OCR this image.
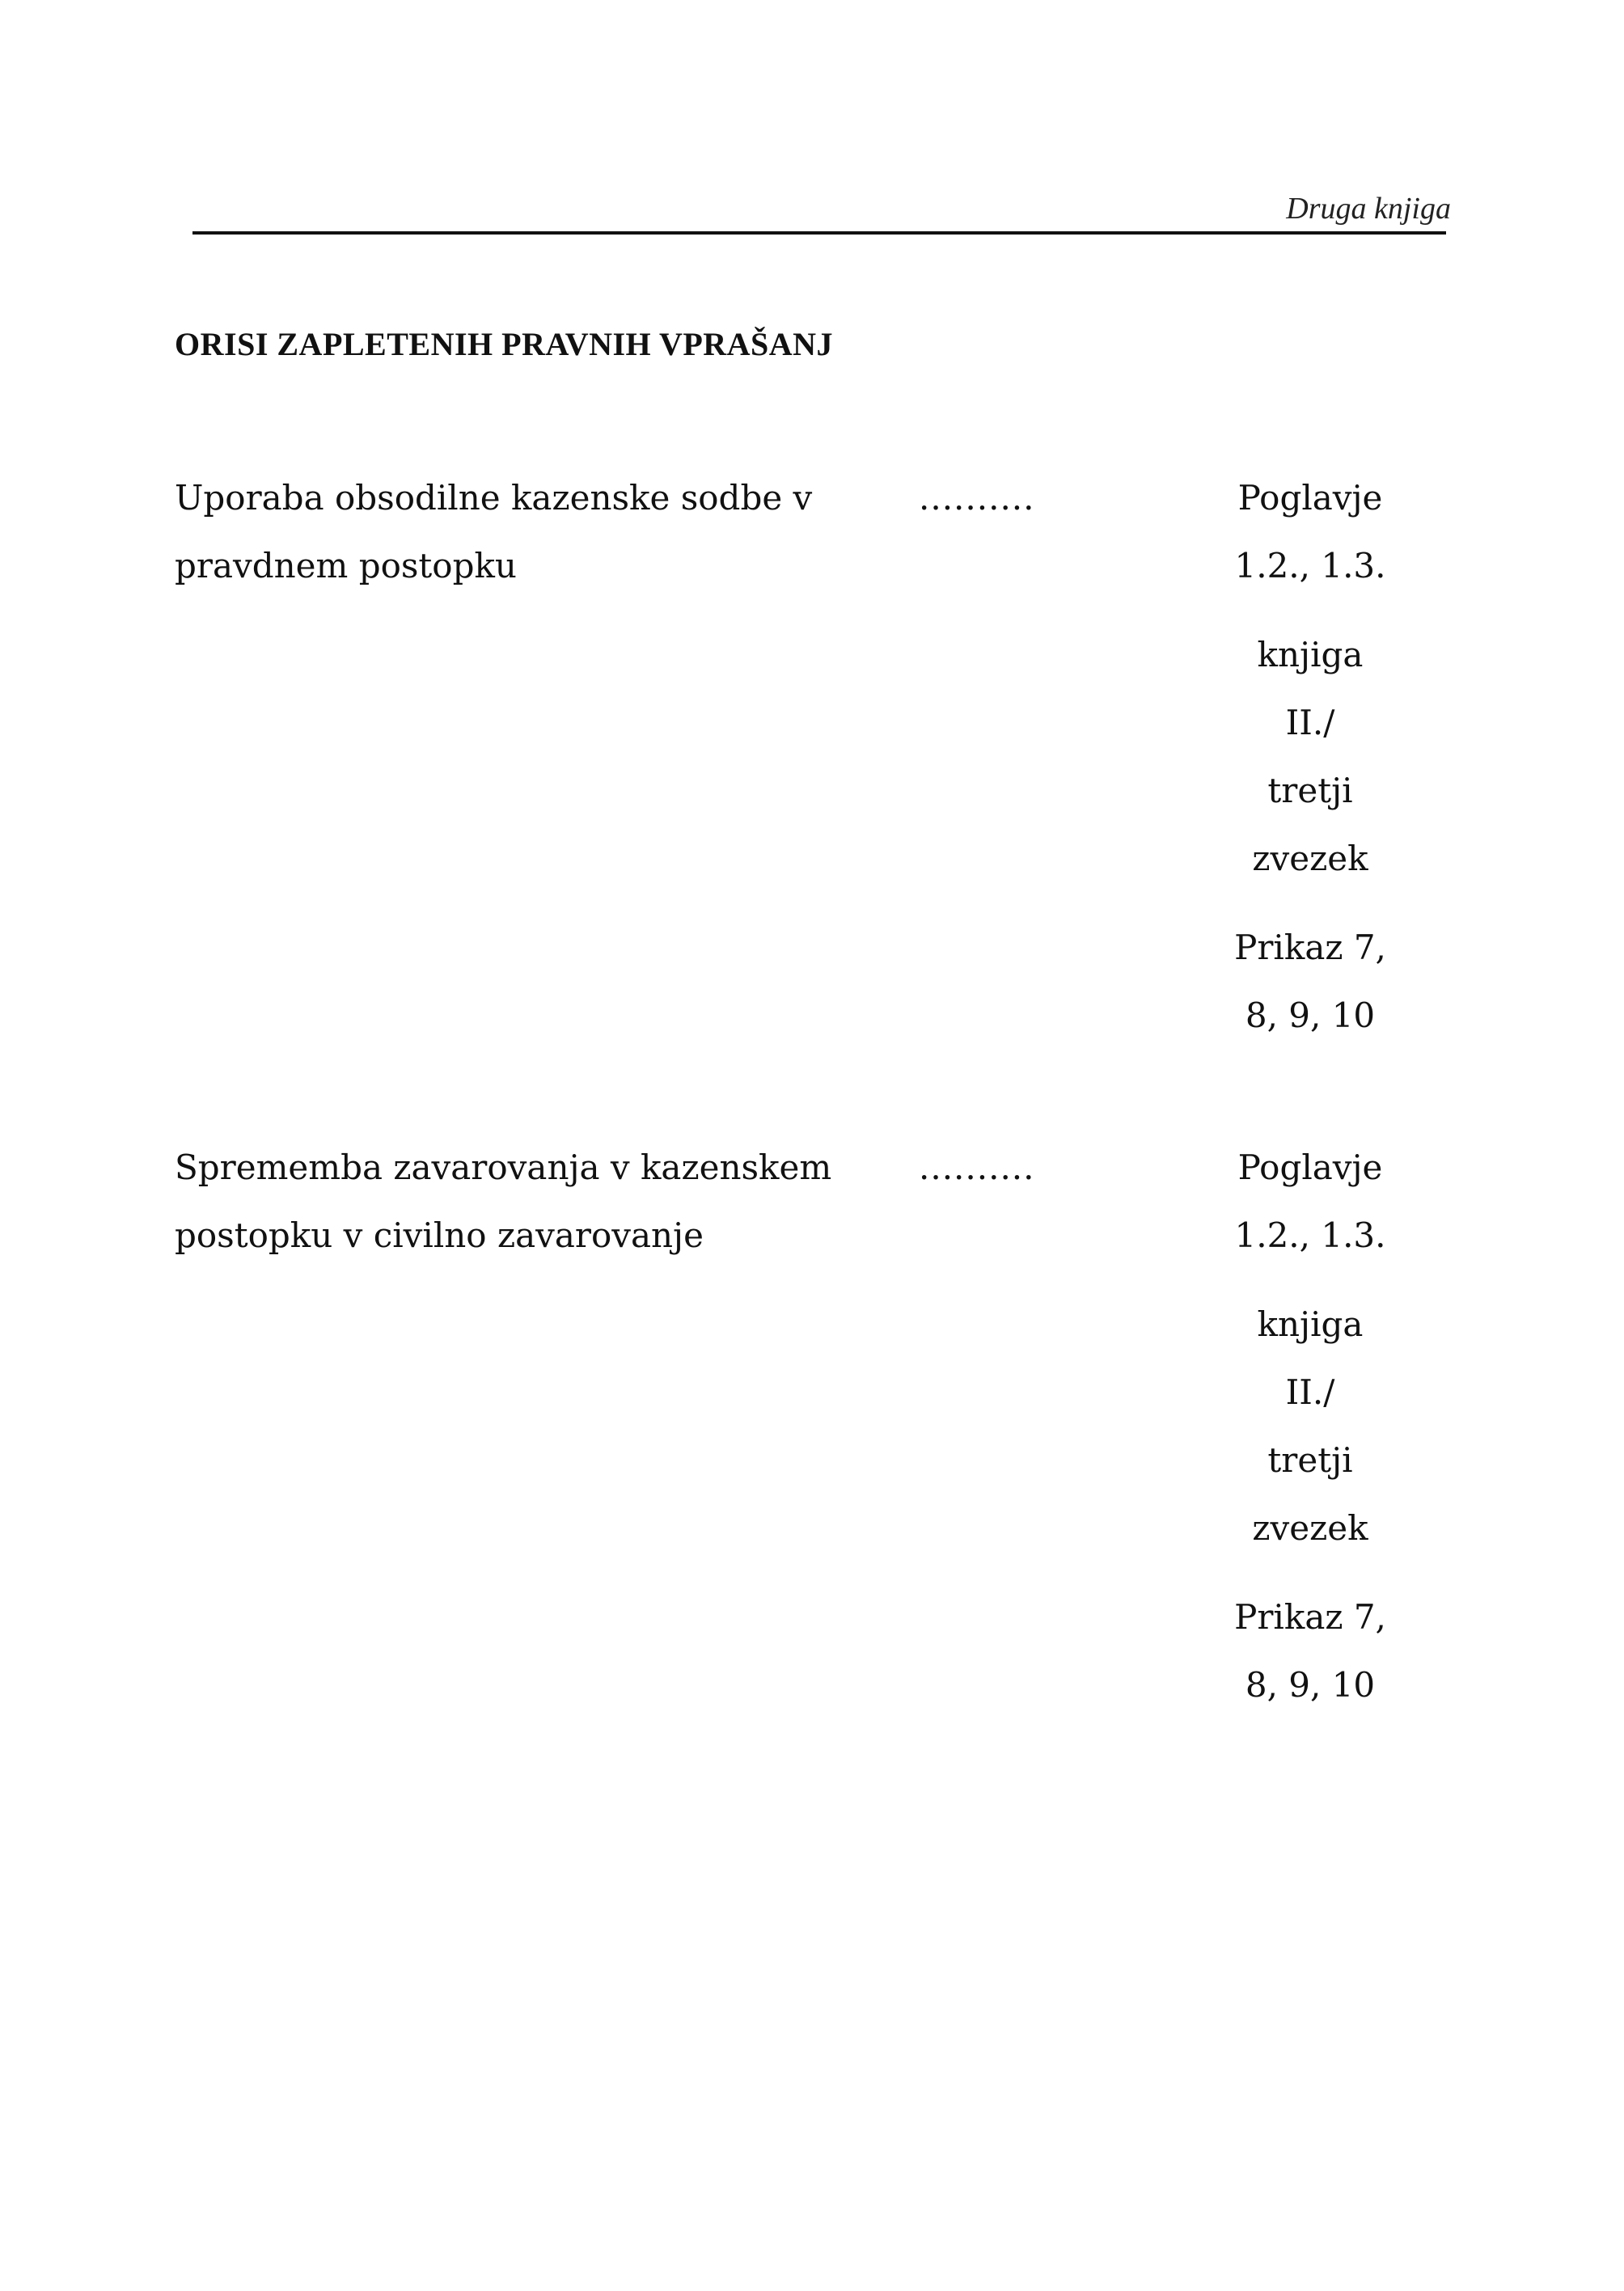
Druga knjiga
ORISI ZAPLETENIH PRAVNIH VPRAŠANJ
Uporaba obsodilne kazenske sodbe v
pravdnem postopku
..........	Poglavje
1.2., 1.3.
knjiga
II./
tretji
zvezek
Prikaz 7,
8, 9, 10
Sprememba zavarovanja v kazenskem
postopku v civilno zavarovanje
..........	Poglavje
1.2., 1.3.
knjiga
II./
tretji
zvezek
Prikaz 7,
8, 9, 10
